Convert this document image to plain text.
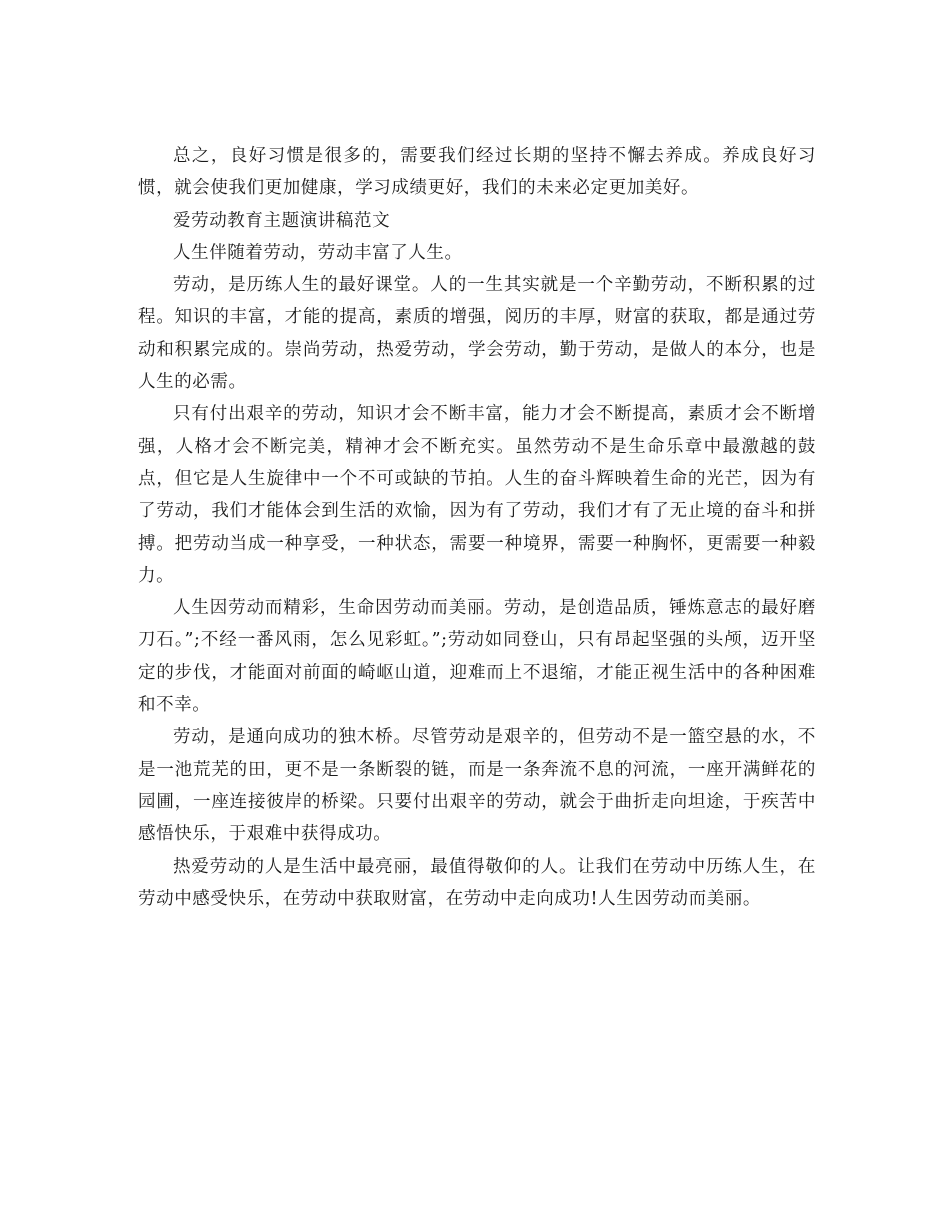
总之，良好习惯是很多的，需要我们经过长期的坚持不懈去养成。养成良好习惯，就会使我们更加健康，学习成绩更好，我们的未来必定更加美好。

爱劳动教育主题演讲稿范文

人生伴随着劳动，劳动丰富了人生。

劳动，是历练人生的最好课堂。人的一生其实就是一个辛勤劳动，不断积累的过程。知识的丰富，才能的提高，素质的增强，阅历的丰厚，财富的获取，都是通过劳动和积累完成的。崇尚劳动，热爱劳动，学会劳动，勤于劳动，是做人的本分，也是人生的必需。

只有付出艰辛的劳动，知识才会不断丰富，能力才会不断提高，素质才会不断增强，人格才会不断完美，精神才会不断充实。虽然劳动不是生命乐章中最激越的鼓点，但它是人生旋律中一个不可或缺的节拍。人生的奋斗辉映着生命的光芒，因为有了劳动，我们才能体会到生活的欢愉，因为有了劳动，我们才有了无止境的奋斗和拼搏。把劳动当成一种享受，一种状态，需要一种境界，需要一种胸怀，更需要一种毅力。

人生因劳动而精彩，生命因劳动而美丽。劳动，是创造品质，锤炼意志的最好磨刀石。”;不经一番风雨，怎么见彩虹。”;劳动如同登山，只有昂起坚强的头颅，迈开坚定的步伐，才能面对前面的崎岖山道，迎难而上不退缩，才能正视生活中的各种困难和不幸。

劳动，是通向成功的独木桥。尽管劳动是艰辛的，但劳动不是一篮空悬的水，不是一池荒芜的田，更不是一条断裂的链，而是一条奔流不息的河流，一座开满鲜花的园圃，一座连接彼岸的桥梁。只要付出艰辛的劳动，就会于曲折走向坦途，于疾苦中感悟快乐，于艰难中获得成功。

热爱劳动的人是生活中最亮丽，最值得敬仰的人。让我们在劳动中历练人生，在劳动中感受快乐，在劳动中获取财富，在劳动中走向成功!人生因劳动而美丽。
